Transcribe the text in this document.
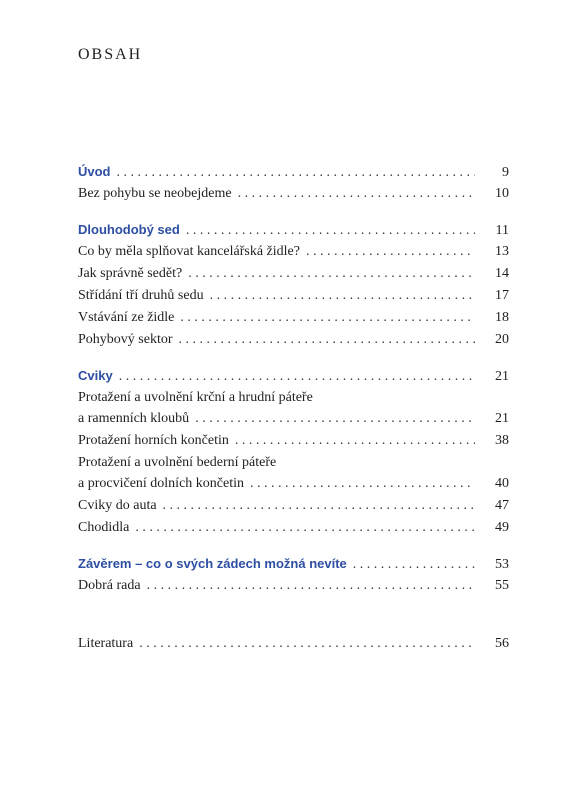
OBSAH
Úvod . . .	9
Bez pohybu se neobejdeme . . .	10
Dlouhodobý sed . . .	11
Co by měla splňovat kancelářská židle? . . .	13
Jak správně sedět? . . .	14
Střídání tří druhů sedu . . .	17
Vstávání ze židle . . .	18
Pohybový sektor . . .	20
Cviky . . .	21
Protažení a uvolnění krční a hrudní páteře
a ramenních kloubů . . .	21
Protažení horních končetin . . .	38
Protažení a uvolnění bederní páteře
a procvičení dolních končetin . . .	40
Cviky do auta . . .	47
Chodidla . . .	49
Závěrem – co o svých zádech možná nevíte . . .	53
Dobrá rada . . .	55
Literatura . . .	56
